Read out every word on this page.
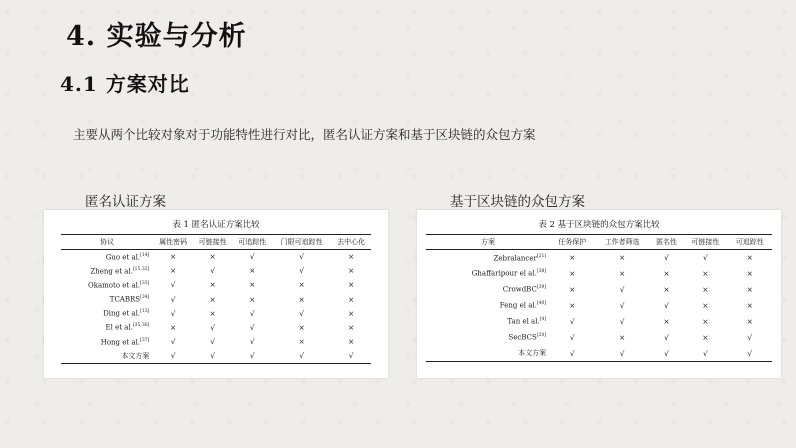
4. 实验与分析
4.1 方案对比
主要从两个比较对象对于功能特性进行对比，匿名认证方案和基于区块链的众包方案
匿名认证方案	基于区块链的众包方案
表 1 匿名认证方案比较
协议	属性密码	可链接性	可追踪性	门限可追踪性	去中心化
Guo et al.[14]	×	×	√	√	×
Zheng et al.[15,32]	×	√	×	√	×
Okamoto et al.[33]	√	×	×	×	×
TCABRS[34]	√	×	×	×	×
Ding et al.[13]	√	×	√	√	×
El et al.[35,36]	×	√	√	×	×
Hong et al.[37]	√	√	√	×	×
本文方案	√	√	√	√	√
表 2 基于区块链的众包方案比较
方案	任务保护	工作者筛选	匿名性	可链接性	可追踪性
Zebralancer[21]	×	×	√	√	×
Ghaffaripour el al.[38]	×	×	×	×	×
CrowdBC[39]	×	√	×	×	×
Feng el al.[40]	×	√	√	×	×
Tan el al.[4]	√	√	×	×	×
SecBCS[20]	√	×	√	×	√
本文方案	√	√	√	√	√
